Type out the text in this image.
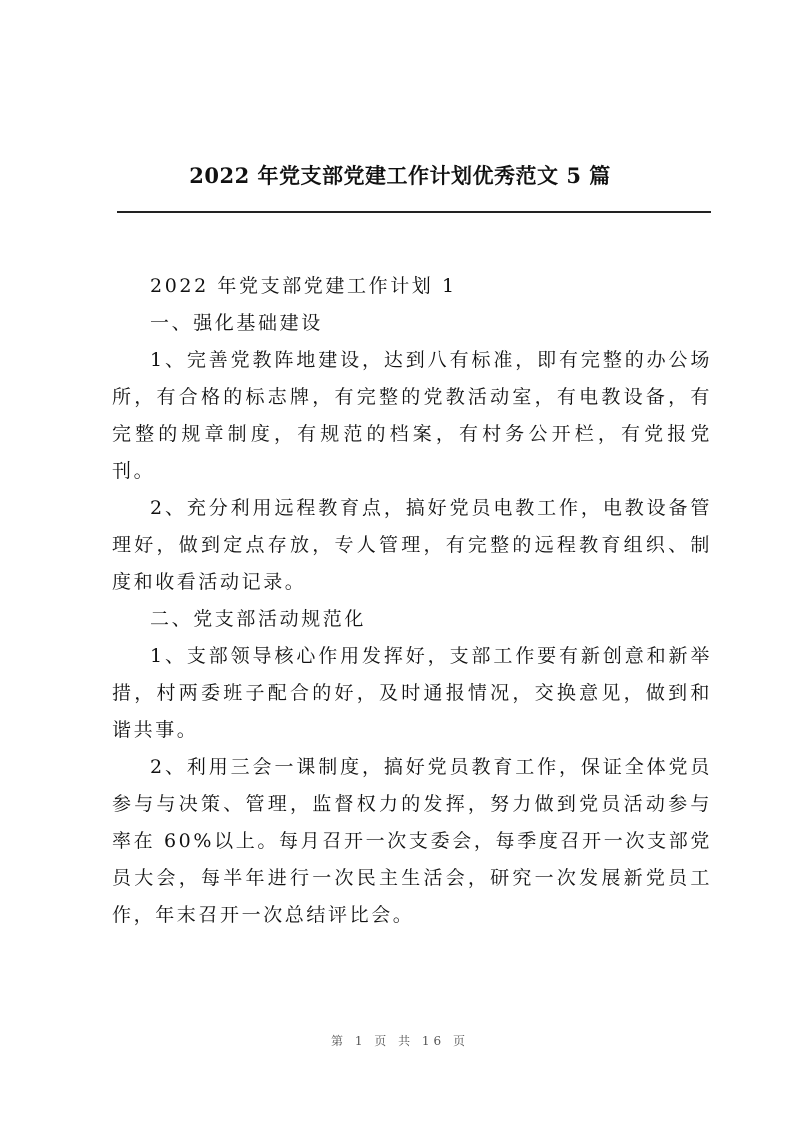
2022 年党支部党建工作计划优秀范文 5 篇

2022 年党支部党建工作计划 1

一、强化基础建设

1、完善党教阵地建设，达到八有标准，即有完整的办公场所，有合格的标志牌，有完整的党教活动室，有电教设备，有完整的规章制度，有规范的档案，有村务公开栏，有党报党刊。

2、充分利用远程教育点，搞好党员电教工作，电教设备管理好，做到定点存放，专人管理，有完整的远程教育组织、制度和收看活动记录。

二、党支部活动规范化

1、支部领导核心作用发挥好，支部工作要有新创意和新举措，村两委班子配合的好，及时通报情况，交换意见，做到和谐共事。

2、利用三会一课制度，搞好党员教育工作，保证全体党员参与与决策、管理，监督权力的发挥，努力做到党员活动参与率在 60%以上。每月召开一次支委会，每季度召开一次支部党员大会，每半年进行一次民主生活会，研究一次发展新党员工作，年末召开一次总结评比会。

第 1 页 共 16 页
